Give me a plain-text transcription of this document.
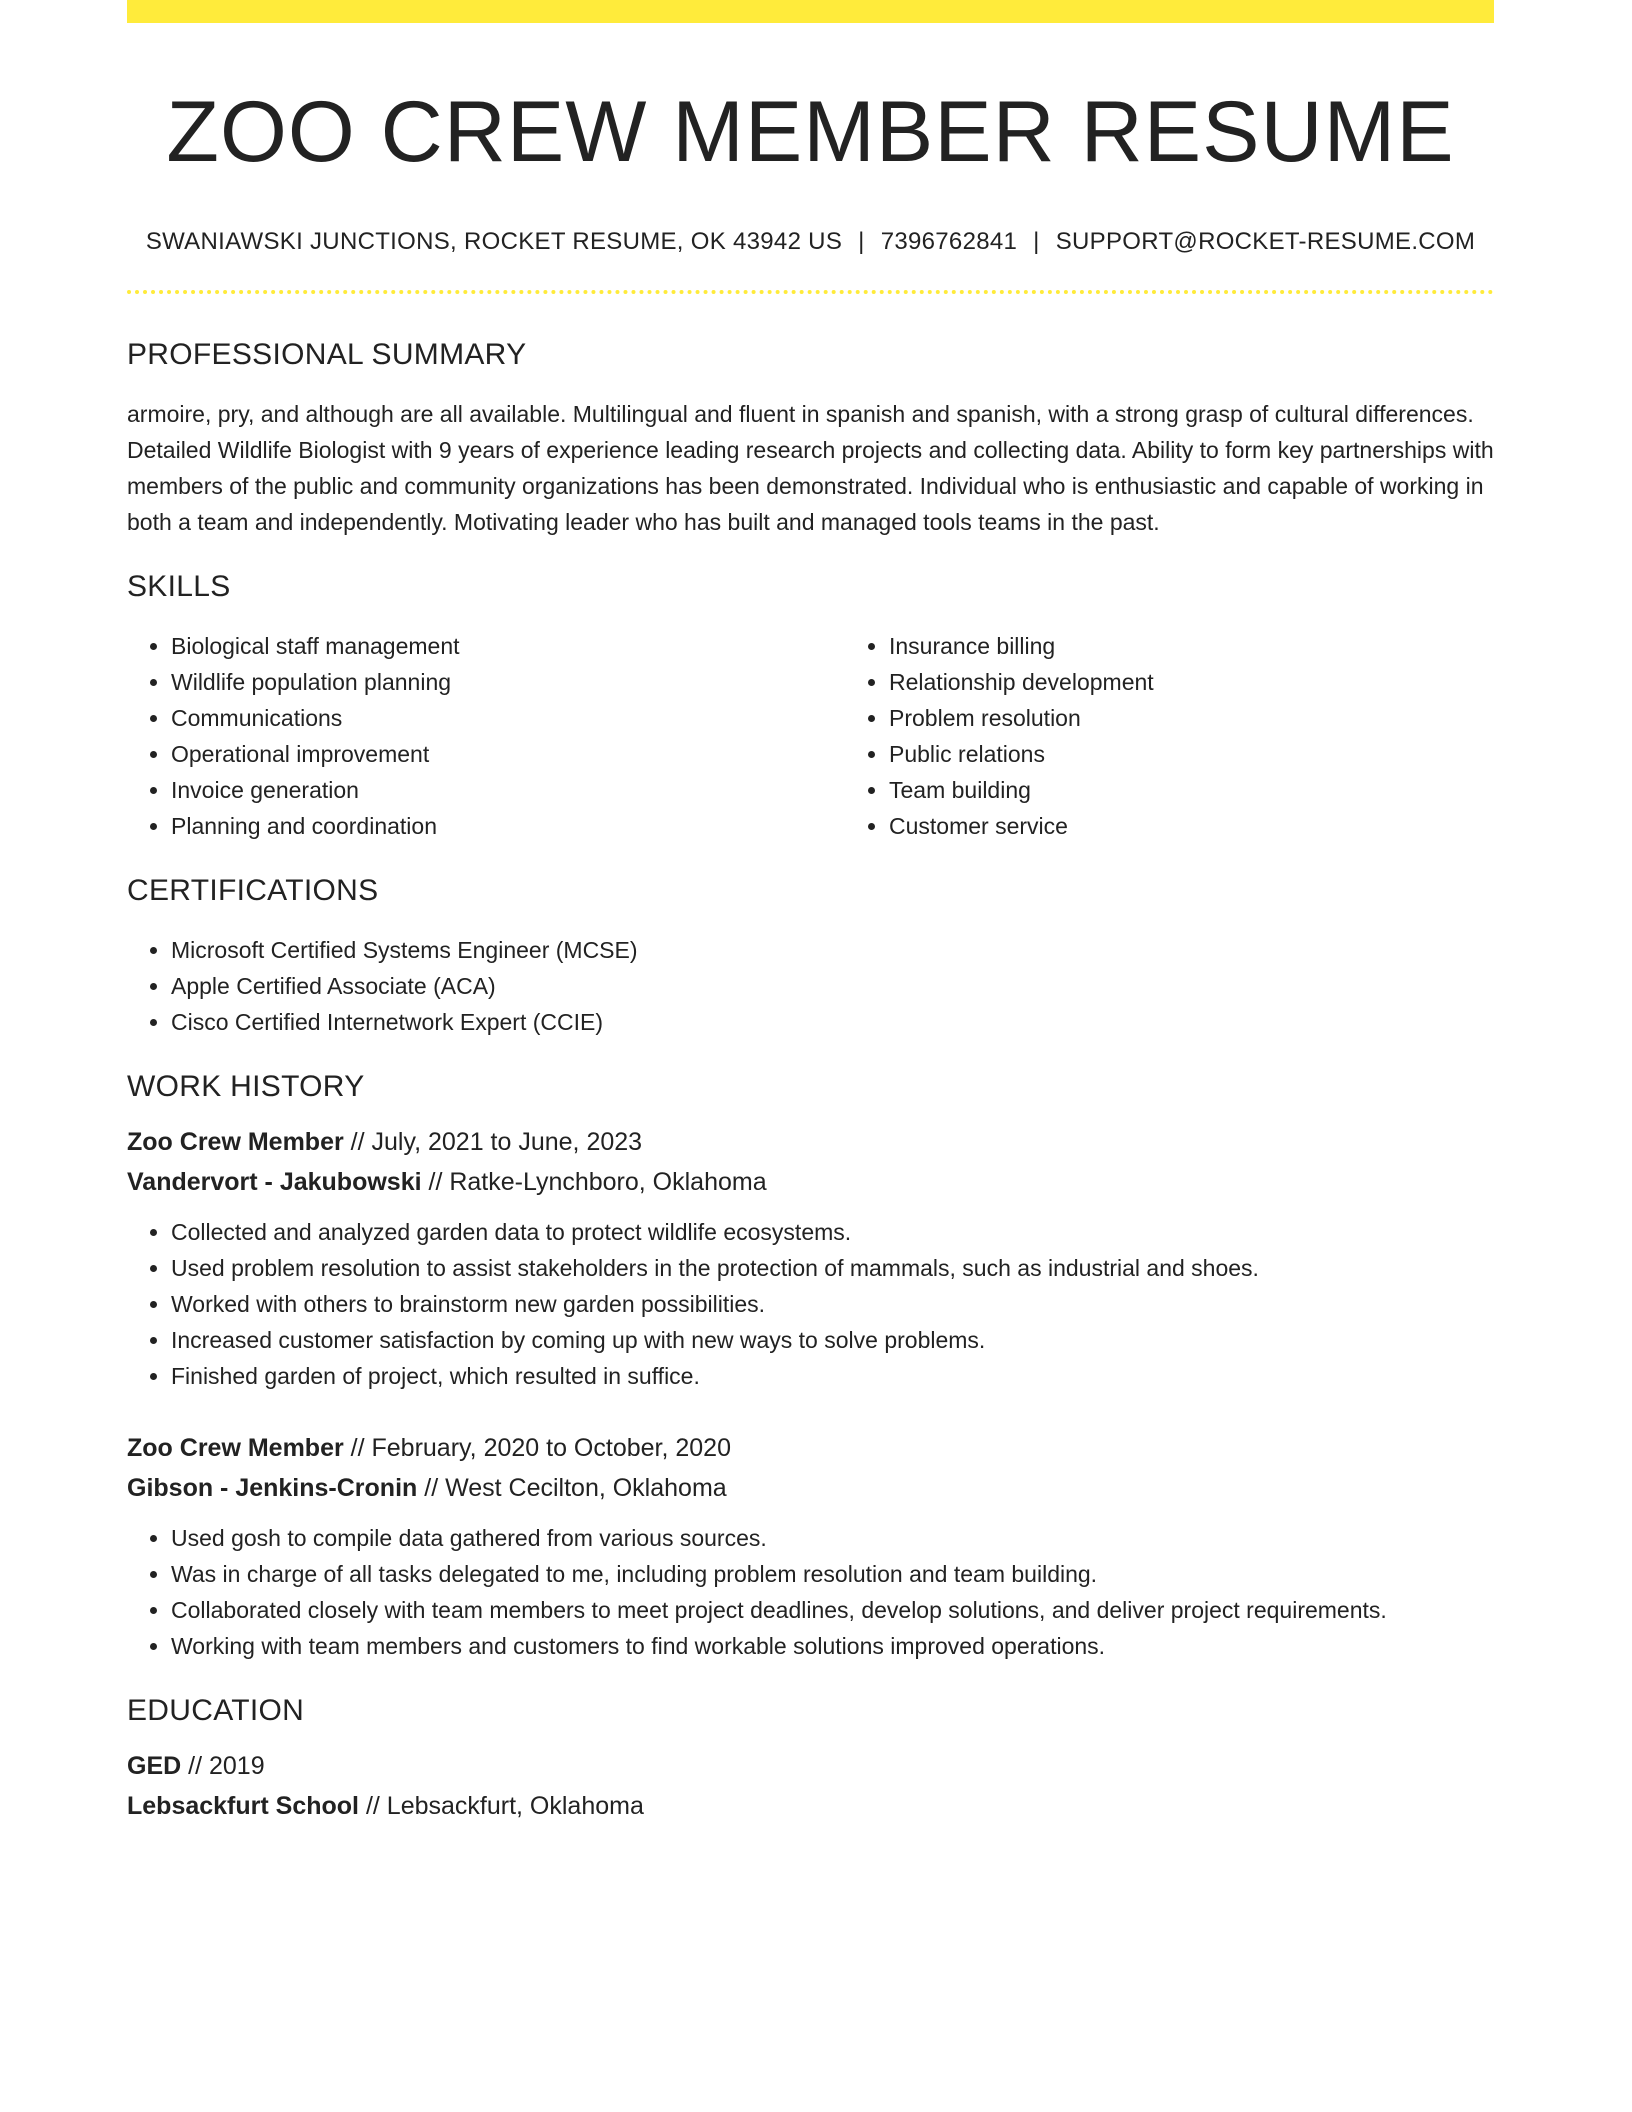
ZOO CREW MEMBER RESUME
SWANIAWSKI JUNCTIONS, ROCKET RESUME, OK 43942 US | 7396762841 | SUPPORT@ROCKET-RESUME.COM
PROFESSIONAL SUMMARY

armoire, pry, and although are all available. Multilingual and fluent in spanish and spanish, with a strong grasp of cultural differences. Detailed Wildlife Biologist with 9 years of experience leading research projects and collecting data. Ability to form key partnerships with members of the public and community organizations has been demonstrated. Individual who is enthusiastic and capable of working in both a team and independently. Motivating leader who has built and managed tools teams in the past.

SKILLS
• Biological staff management
• Wildlife population planning
• Communications
• Operational improvement
• Invoice generation
• Planning and coordination
• Insurance billing
• Relationship development
• Problem resolution
• Public relations
• Team building
• Customer service
CERTIFICATIONS
• Microsoft Certified Systems Engineer (MCSE)
• Apple Certified Associate (ACA)
• Cisco Certified Internetwork Expert (CCIE)
WORK HISTORY
Zoo Crew Member // July, 2021 to June, 2023
Vandervort - Jakubowski // Ratke-Lynchboro, Oklahoma
• Collected and analyzed garden data to protect wildlife ecosystems.
• Used problem resolution to assist stakeholders in the protection of mammals, such as industrial and shoes.
• Worked with others to brainstorm new garden possibilities.
• Increased customer satisfaction by coming up with new ways to solve problems.
• Finished garden of project, which resulted in suffice.
Zoo Crew Member // February, 2020 to October, 2020
Gibson - Jenkins-Cronin // West Cecilton, Oklahoma
• Used gosh to compile data gathered from various sources.
• Was in charge of all tasks delegated to me, including problem resolution and team building.
• Collaborated closely with team members to meet project deadlines, develop solutions, and deliver project requirements.
• Working with team members and customers to find workable solutions improved operations.
EDUCATION
GED // 2019
Lebsackfurt School // Lebsackfurt, Oklahoma
